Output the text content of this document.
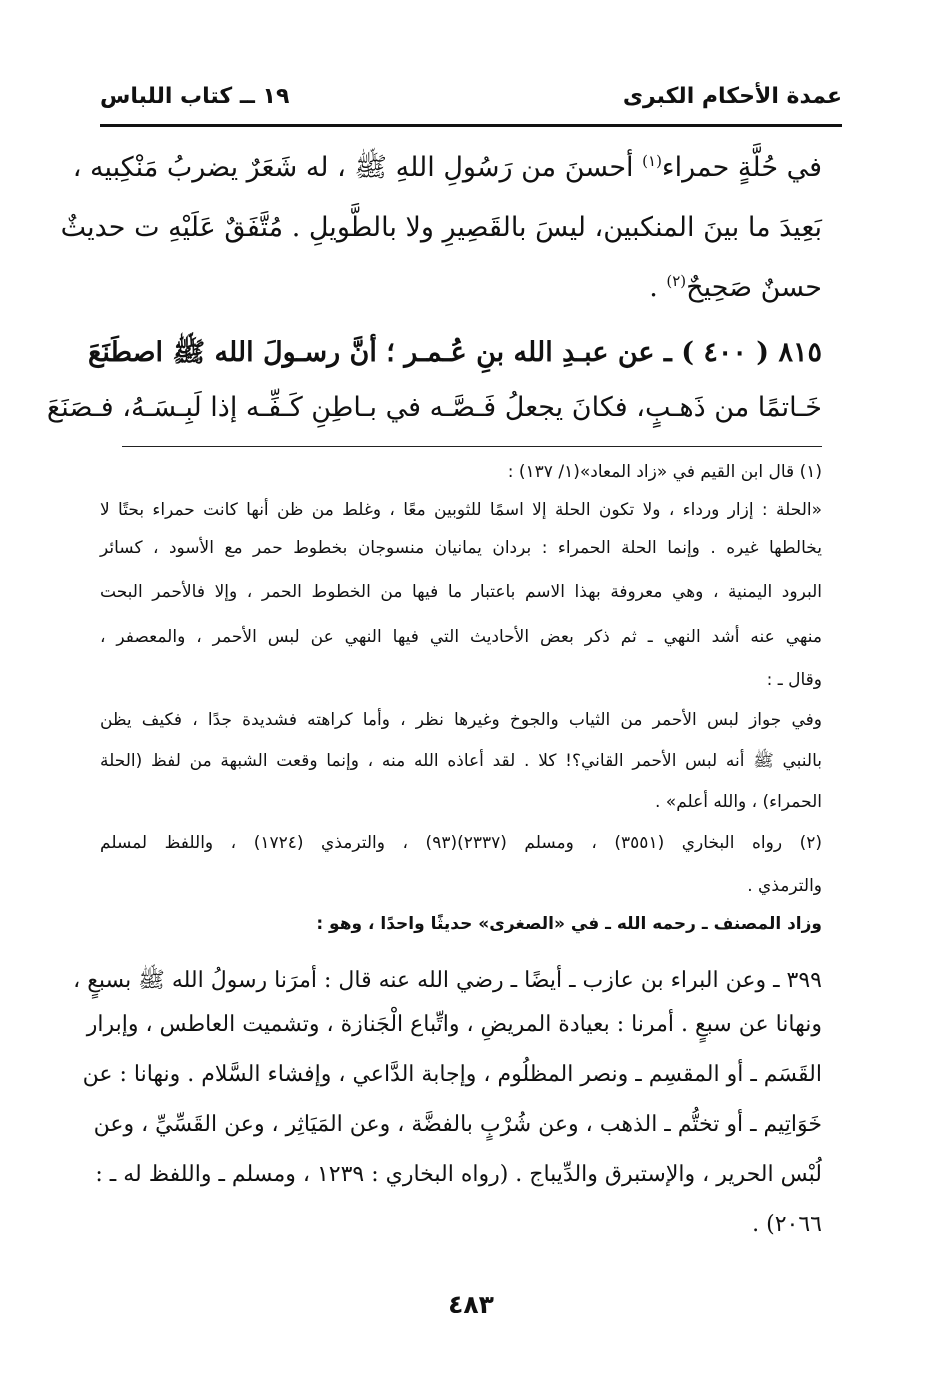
عمدة الأحكام الكبرى
١٩ ــ كتاب اللباس
في حُلَّةٍ حمراء$^{(١)}$ أحسنَ من رَسُولِ اللهِ ﷺ ، له شَعَرٌ يضربُ مَنْكِبيه ،
بَعِيدَ ما بينَ المنكبين، ليسَ بالقَصِيرِ ولا بالطَّويلِ . مُتَّفَقٌ عَلَيْهِ ت حديثٌ
حسنٌ صَحِيحٌ$^{(٢)}$ .
٨١٥ ( ٤٠٠ ) ـ عن عبـدِ الله بنِ عُـمـر ؛ أنَّ رسـولَ الله ﷺ اصطَنَعَ
خَـاتمًا من ذَهـبٍ، فكانَ يجعلُ فَـصَّـه في بـاطِنِ كَـفِّـه إذا لَبِـسَـهُ، فـصَنَعَ
(١) قال ابن القيم في «زاد المعاد»(١/ ١٣٧) :
«الحلة : إزار ورداء ، ولا تكون الحلة إلا اسمًا للثوبين معًا ، وغلط من ظن أنها كانت حمراء بحتًا لا
يخالطها غيره . وإنما الحلة الحمراء : بردان يمانيان منسوجان بخطوط حمر مع الأسود ، كسائر
البرود اليمنية ، وهي معروفة بهذا الاسم باعتبار ما فيها من الخطوط الحمر ، وإلا فالأحمر البحت
منهي عنه أشد النهي ـ ثم ذكر بعض الأحاديث التي فيها النهي عن لبس الأحمر ، والمعصفر ،
وقال ـ :
وفي جواز لبس الأحمر من الثياب والجوخ وغيرها نظر ، وأما كراهته فشديدة جدًا ، فكيف يظن
بالنبي ﷺ أنه لبس الأحمر القاني؟! كلا . لقد أعاذه الله منه ، وإنما وقعت الشبهة من لفظ (الحلة
الحمراء) ، والله أعلم» .
(٢) رواه البخاري (٣٥٥١) ، ومسلم (٢٣٣٧)(٩٣) ، والترمذي (١٧٢٤) ، واللفظ لمسلم
والترمذي .
وزاد المصنف ـ رحمه الله ـ في «الصغرى» حديثًا واحدًا ، وهو :
٣٩٩ ـ وعن البراء بن عازب ـ أيضًا ـ رضي الله عنه قال : أمرَنا رسولُ الله ﷺ بسبعٍ ،
ونهانا عن سبعٍ . أمرنا : بعيادة المريضِ ، واتِّباع الْجَنازة ، وتشميت العاطس ، وإبرار
القَسَم ـ أو المقسِم ـ ونصر المظلُوم ، وإجابة الدَّاعي ، وإفشاء السَّلام . ونهانا : عن
خَوَاتِيم ـ أو تختُّم ـ الذهب ، وعن شُرْبٍ بالفضَّة ، وعن المَيَاثِر ، وعن القَسِّيِّ ، وعن
لُبْس الحرير ، والإستبرق والدِّيباج . (رواه البخاري : ١٢٣٩ ، ومسلم ـ واللفظ له ـ :
٢٠٦٦) .
٤٨٣
